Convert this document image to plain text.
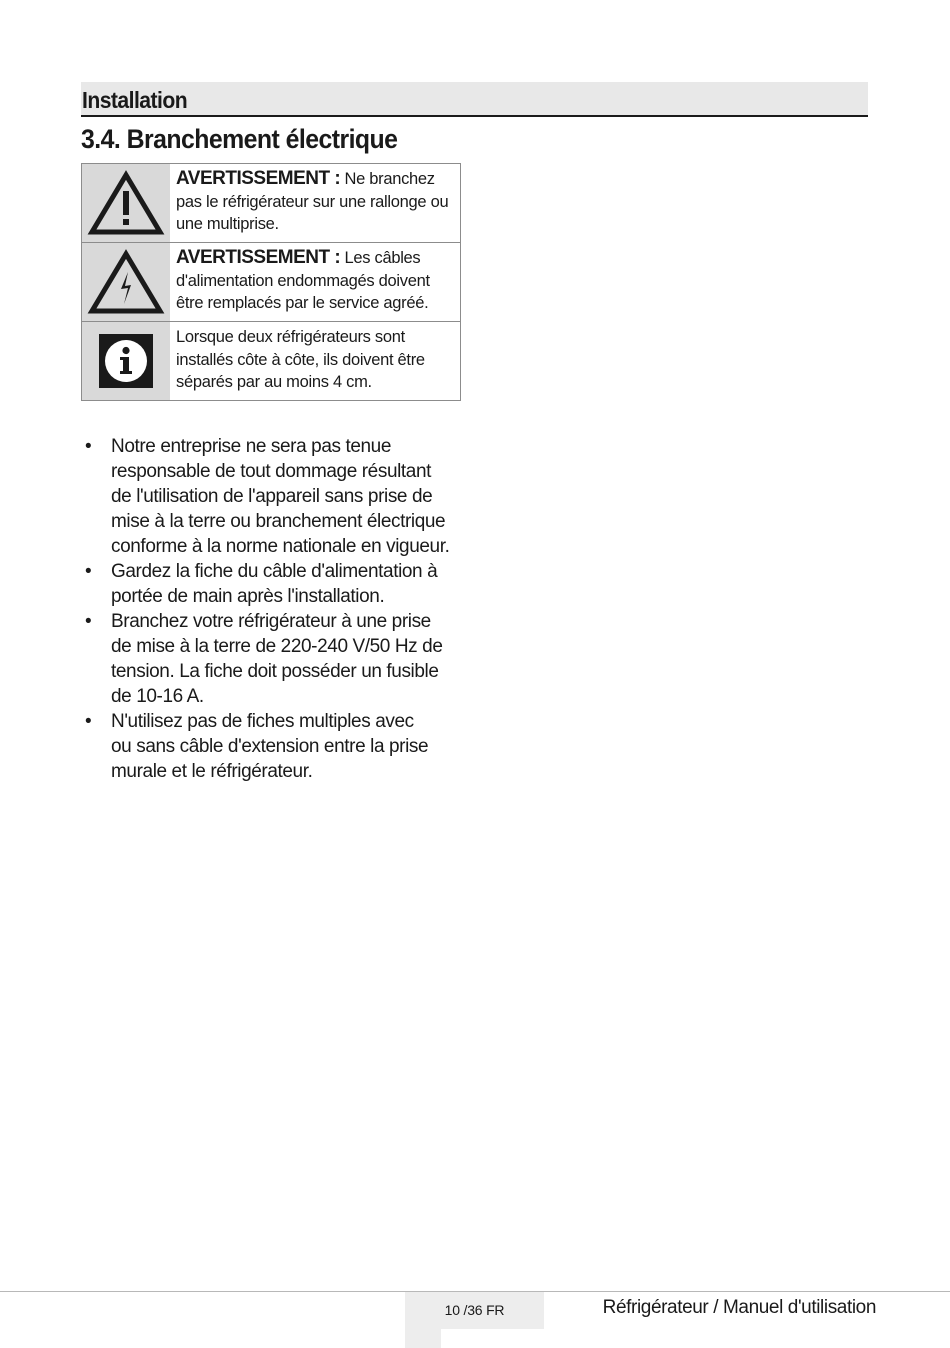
Installation
3.4. Branchement électrique
AVERTISSEMENT : Ne branchez
pas le réfrigérateur sur une rallonge ou
une multiprise.
AVERTISSEMENT : Les câbles
d'alimentation endommagés doivent
être remplacés par le service agréé.
Lorsque deux réfrigérateurs sont
installés côte à côte, ils doivent être
séparés par au moins 4 cm.
• Notre entreprise ne sera pas tenue
responsable de tout dommage résultant
de l'utilisation de l'appareil sans prise de
mise à la terre ou branchement électrique
conforme à la norme nationale en vigueur.
• Gardez la fiche du câble d'alimentation à
portée de main après l'installation.
• Branchez votre réfrigérateur à une prise
de mise à la terre de 220-240 V/50 Hz de
tension. La fiche doit posséder un fusible
de 10-16 A.
• N'utilisez pas de fiches multiples avec
ou sans câble d'extension entre la prise
murale et le réfrigérateur.
10 /36 FR	Réfrigérateur / Manuel d'utilisation
